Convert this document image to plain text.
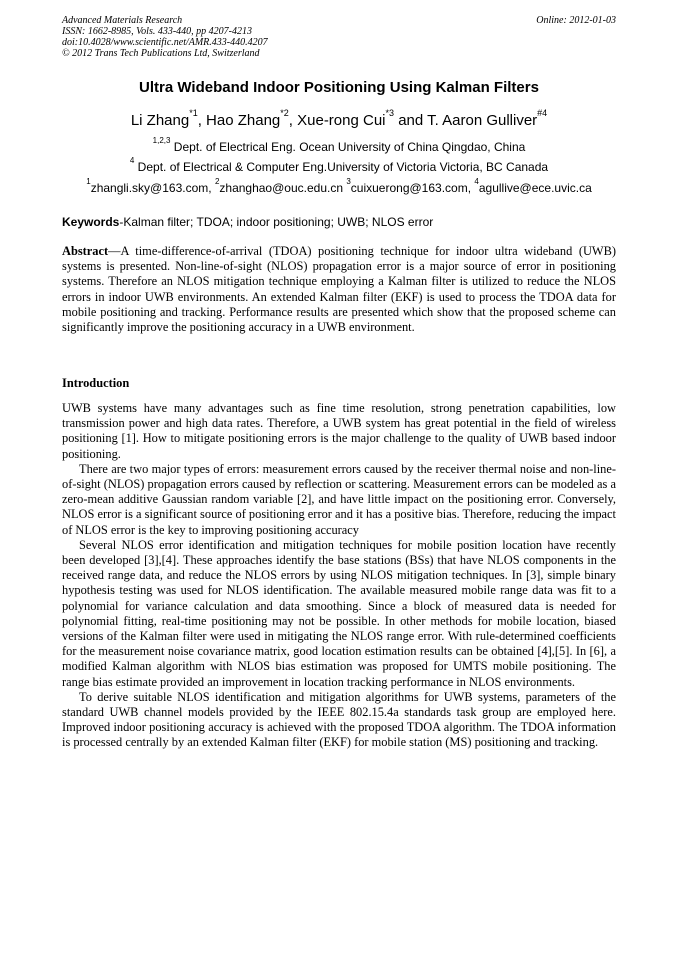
Advanced Materials Research
ISSN: 1662-8985, Vols. 433-440, pp 4207-4213
doi:10.4028/www.scientific.net/AMR.433-440.4207
© 2012 Trans Tech Publications Ltd, Switzerland
Online: 2012-01-03
Ultra Wideband Indoor Positioning Using Kalman Filters
Li Zhang$^{*1}$, Hao Zhang$^{*2}$, Xue-rong Cui$^{*3}$ and T. Aaron Gulliver$^{\#4}$
$^{1,2,3}$ Dept. of Electrical Eng. Ocean University of China Qingdao, China
$^4$ Dept. of Electrical & Computer Eng.University of Victoria Victoria, BC Canada
$^1$zhangli.sky@163.com, $^2$zhanghao@ouc.edu.cn $^3$cuixuerong@163.com, $^4$agullive@ece.uvic.ca
Keywords-Kalman filter; TDOA; indoor positioning; UWB; NLOS error

Abstract—A time-difference-of-arrival (TDOA) positioning technique for indoor ultra wideband (UWB) systems is presented. Non-line-of-sight (NLOS) propagation error is a major source of error in positioning systems. Therefore an NLOS mitigation technique employing a Kalman filter is utilized to reduce the NLOS errors in indoor UWB environments. An extended Kalman filter (EKF) is used to process the TDOA data for mobile positioning and tracking. Performance results are presented which show that the proposed scheme can significantly improve the positioning accuracy in a UWB environment.

Introduction

UWB systems have many advantages such as fine time resolution, strong penetration capabilities, low transmission power and high data rates. Therefore, a UWB system has great potential in the field of wireless positioning [1]. How to mitigate positioning errors is the major challenge to the quality of UWB based indoor positioning.

There are two major types of errors: measurement errors caused by the receiver thermal noise and non-line-of-sight (NLOS) propagation errors caused by reflection or scattering. Measurement errors can be modeled as a zero-mean additive Gaussian random variable [2], and have little impact on the positioning error. Conversely, NLOS error is a significant source of positioning error and it has a positive bias. Therefore, reducing the impact of NLOS error is the key to improving positioning accuracy

Several NLOS error identification and mitigation techniques for mobile position location have recently been developed [3],[4]. These approaches identify the base stations (BSs) that have NLOS components in the received range data, and reduce the NLOS errors by using NLOS mitigation techniques. In [3], simple binary hypothesis testing was used for NLOS identification. The available measured mobile range data was fit to a polynomial for variance calculation and data smoothing. Since a block of measured data is needed for polynomial fitting, real-time positioning may not be possible. In other methods for mobile location, biased versions of the Kalman filter were used in mitigating the NLOS range error. With rule-determined coefficients for the measurement noise covariance matrix, good location estimation results can be obtained [4],[5]. In [6], a modified Kalman algorithm with NLOS bias estimation was proposed for UMTS mobile positioning. The range bias estimate provided an improvement in location tracking performance in NLOS environments.

To derive suitable NLOS identification and mitigation algorithms for UWB systems, parameters of the standard UWB channel models provided by the IEEE 802.15.4a standards task group are employed here. Improved indoor positioning accuracy is achieved with the proposed TDOA algorithm. The TDOA information is processed centrally by an extended Kalman filter (EKF) for mobile station (MS) positioning and tracking.
